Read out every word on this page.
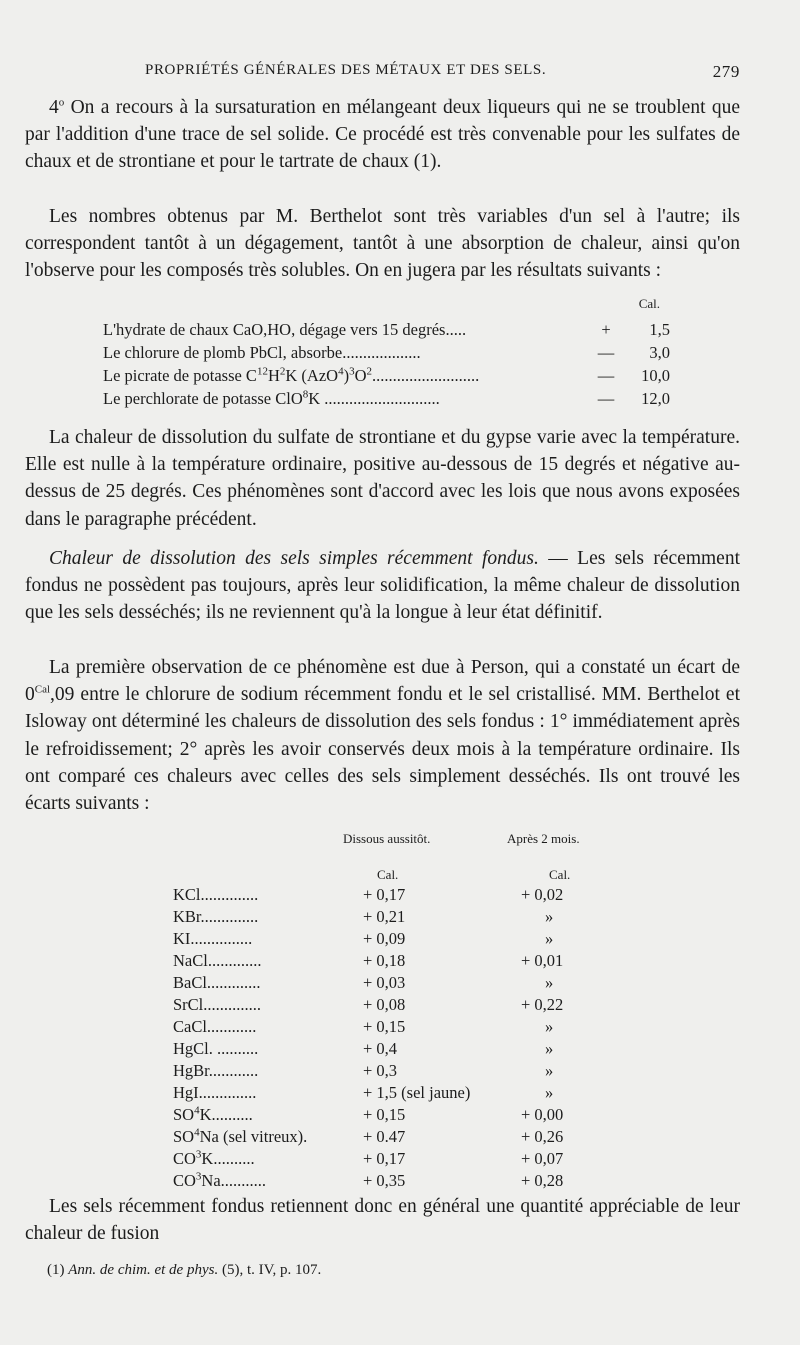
PROPRIÉTÉS GÉNÉRALES DES MÉTAUX ET DES SELS.	279

4$^o$ On a recours à la sursaturation en mélangeant deux liqueurs qui ne se troublent que par l'addition d'une trace de sel solide. Ce procédé est très convenable pour les sulfates de chaux et de strontiane et pour le tartrate de chaux (1).

Les nombres obtenus par M. Berthelot sont très variables d'un sel à l'autre; ils correspondent tantôt à un dégagement, tantôt à une absorption de chaleur, ainsi qu'on l'observe pour les composés très solubles. On en jugera par les résultats suivants :

Cal.
L'hydrate de chaux CaO,HO, dégage vers 15 degrés.....	+	1,5
Le chlorure de plomb PbCl, absorbe...................	—	3,0
Le picrate de potasse $C^{12}H^2K$ $(AzO^4)^3O^2$..........................	—	10,0
Le perchlorate de potasse ClO$^8$K ............................	—	12,0

La chaleur de dissolution du sulfate de strontiane et du gypse varie avec la température. Elle est nulle à la température ordinaire, positive au-dessous de 15 degrés et négative au-dessus de 25 degrés. Ces phénomènes sont d'accord avec les lois que nous avons exposées dans le paragraphe précédent.

Chaleur de dissolution des sels simples récemment fondus. — Les sels récemment fondus ne possèdent pas toujours, après leur solidification, la même chaleur de dissolution que les sels desséchés; ils ne reviennent qu'à la longue à leur état définitif.

La première observation de ce phénomène est due à Person, qui a constaté un écart de $0^{Cal},09$ entre le chlorure de sodium récemment fondu et le sel cristallisé. MM. Berthelot et Isloway ont déterminé les chaleurs de dissolution des sels fondus : 1° immédiatement après le refroidissement; 2° après les avoir conservés deux mois à la température ordinaire. Ils ont comparé ces chaleurs avec celles des sels simplement desséchés. Ils ont trouvé les écarts suivants :

Dissous aussitôt.	Après 2 mois.
Cal.	Cal.
KCl..............	+ 0,17	+ 0,02
KBr..............	+ 0,21	»
KI...............	+ 0,09	»
NaCl.............	+ 0,18	+ 0,01
BaCl.............	+ 0,03	»
SrCl..............	+ 0,08	+ 0,22
CaCl............	+ 0,15	»
HgCl. ..........	+ 0,4	»
HgBr............	+ 0,3	»
HgI..............	+ 1,5 (sel jaune)	»
$SO^4K$..........	+ 0,15	+ 0,00
$SO^4Na$ (sel vitreux).	+ 0.47	+ 0,26
$CO^3K$..........	+ 0,17	+ 0,07
$CO^3Na$...........	+ 0,35	+ 0,28

Les sels récemment fondus retiennent donc en général une quantité appréciable de leur chaleur de fusion

(1) Ann. de chim. et de phys. (5), t. IV, p. 107.
